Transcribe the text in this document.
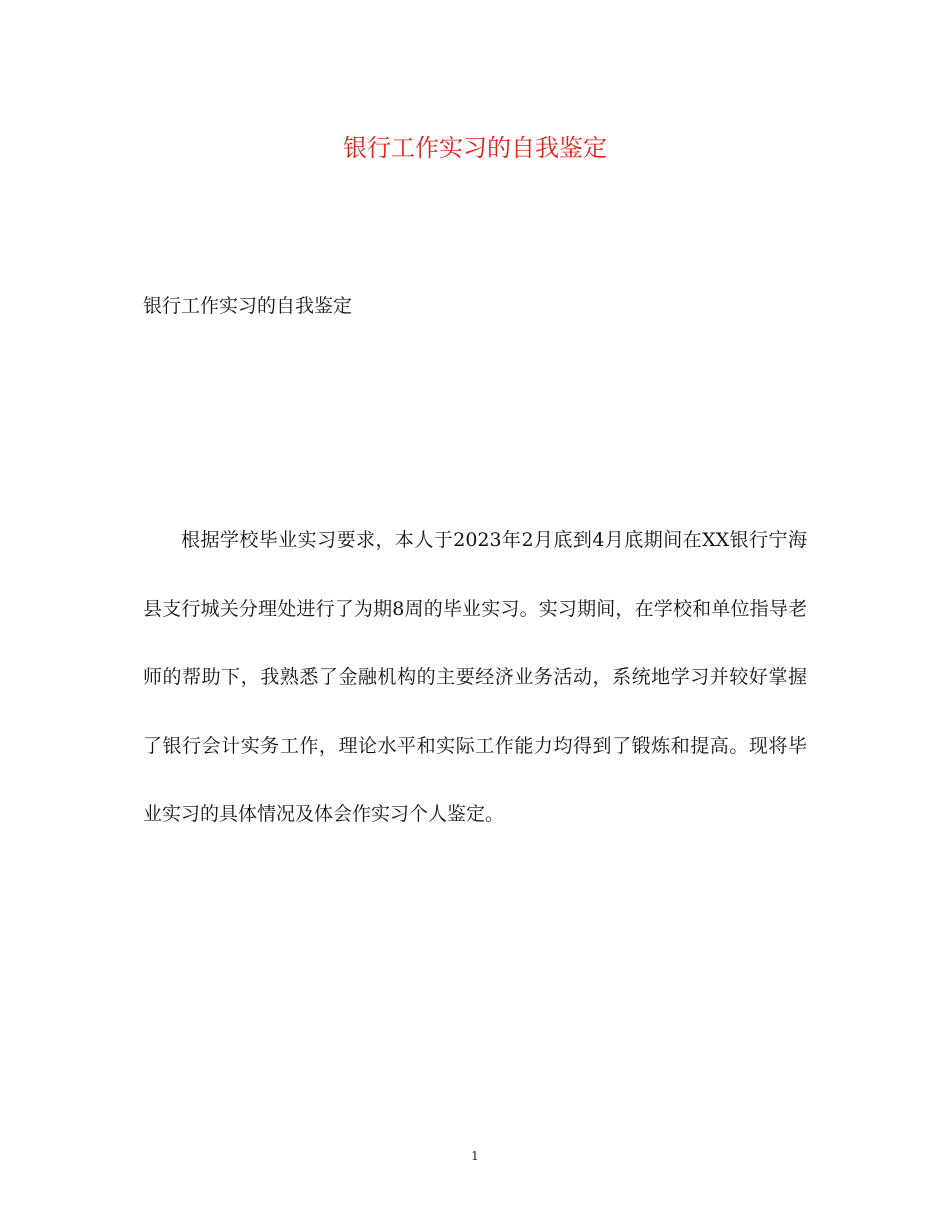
银行工作实习的自我鉴定

银行工作实习的自我鉴定

根据学校毕业实习要求，本人于2023年2月底到4月底期间在XX银行宁海县支行城关分理处进行了为期8周的毕业实习。实习期间，在学校和单位指导老师的帮助下，我熟悉了金融机构的主要经济业务活动，系统地学习并较好掌握了银行会计实务工作，理论水平和实际工作能力均得到了锻炼和提高。现将毕业实习的具体情况及体会作实习个人鉴定。

1
